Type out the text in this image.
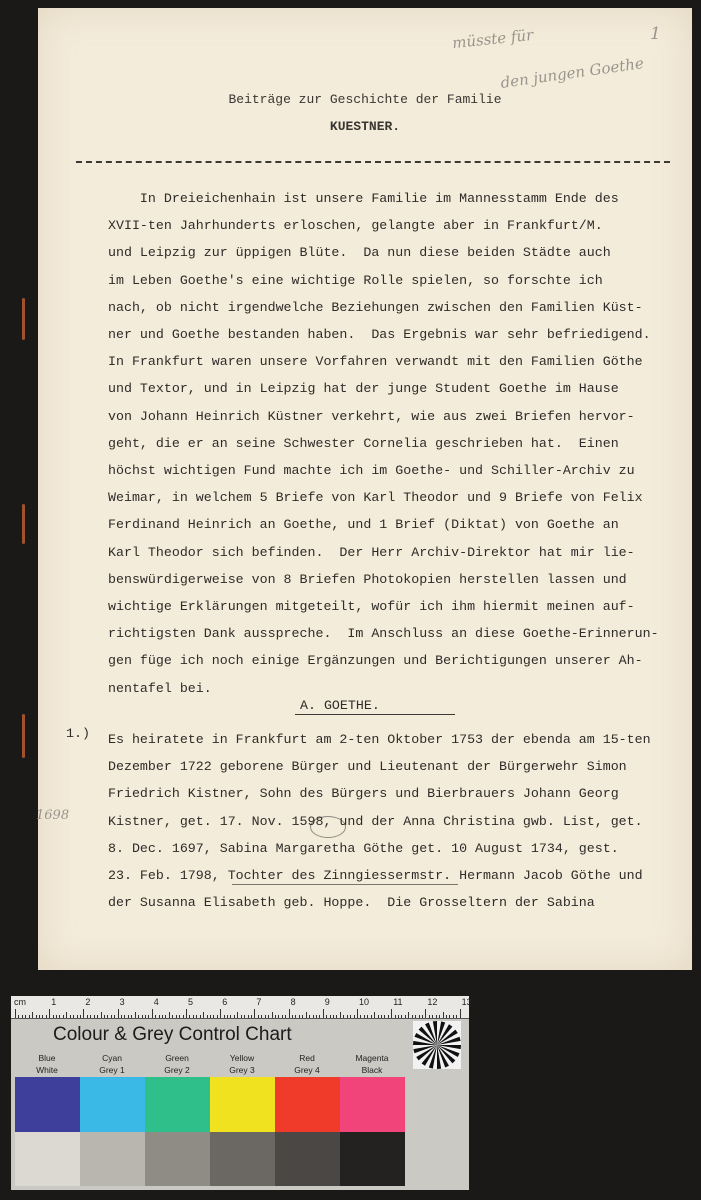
müsste für
den jungen Goethe
1
Beiträge zur Geschichte der Familie
KUESTNER.
In Dreieichenhain ist unsere Familie im Mannesstamm Ende des
XVII-ten Jahrhunderts erloschen, gelangte aber in Frankfurt/M.
und Leipzig zur üppigen Blüte.  Da nun diese beiden Städte auch
im Leben Goethe's eine wichtige Rolle spielen, so forschte ich
nach, ob nicht irgendwelche Beziehungen zwischen den Familien Küst-
ner und Goethe bestanden haben.  Das Ergebnis war sehr befriedigend.
In Frankfurt waren unsere Vorfahren verwandt mit den Familien Göthe
und Textor, und in Leipzig hat der junge Student Goethe im Hause
von Johann Heinrich Küstner verkehrt, wie aus zwei Briefen hervor-
geht, die er an seine Schwester Cornelia geschrieben hat.  Einen
höchst wichtigen Fund machte ich im Goethe- und Schiller-Archiv zu
Weimar, in welchem 5 Briefe von Karl Theodor und 9 Briefe von Felix
Ferdinand Heinrich an Goethe, und 1 Brief (Diktat) von Goethe an
Karl Theodor sich befinden.  Der Herr Archiv-Direktor hat mir lie-
benswürdigerweise von 8 Briefen Photokopien herstellen lassen und
wichtige Erklärungen mitgeteilt, wofür ich ihm hiermit meinen auf-
richtigsten Dank ausspreche.  Im Anschluss an diese Goethe-Erinnerun-
gen füge ich noch einige Ergänzungen und Berichtigungen unserer Ah-
nentafel bei.
A. GOETHE.
1.)
1698
Es heiratete in Frankfurt am 2-ten Oktober 1753 der ebenda am 15-ten
Dezember 1722 geborene Bürger und Lieutenant der Bürgerwehr Simon
Friedrich Kistner, Sohn des Bürgers und Bierbrauers Johann Georg
Kistner, get. 17. Nov. 1598, und der Anna Christina gwb. List, get.
8. Dec. 1697, Sabina Margaretha Göthe get. 10 August 1734, gest.
23. Feb. 1798, Tochter des Zinngiessermstr. Hermann Jacob Göthe und
der Susanna Elisabeth geb. Hoppe.  Die Grosseltern der Sabina
cm	1	2	3	4	5	6	7	8	9	10	11	12	13
Colour & Grey Control Chart
Blue	Cyan	Green	Yellow	Red	Magenta
White	Grey 1	Grey 2	Grey 3	Grey 4	Black
